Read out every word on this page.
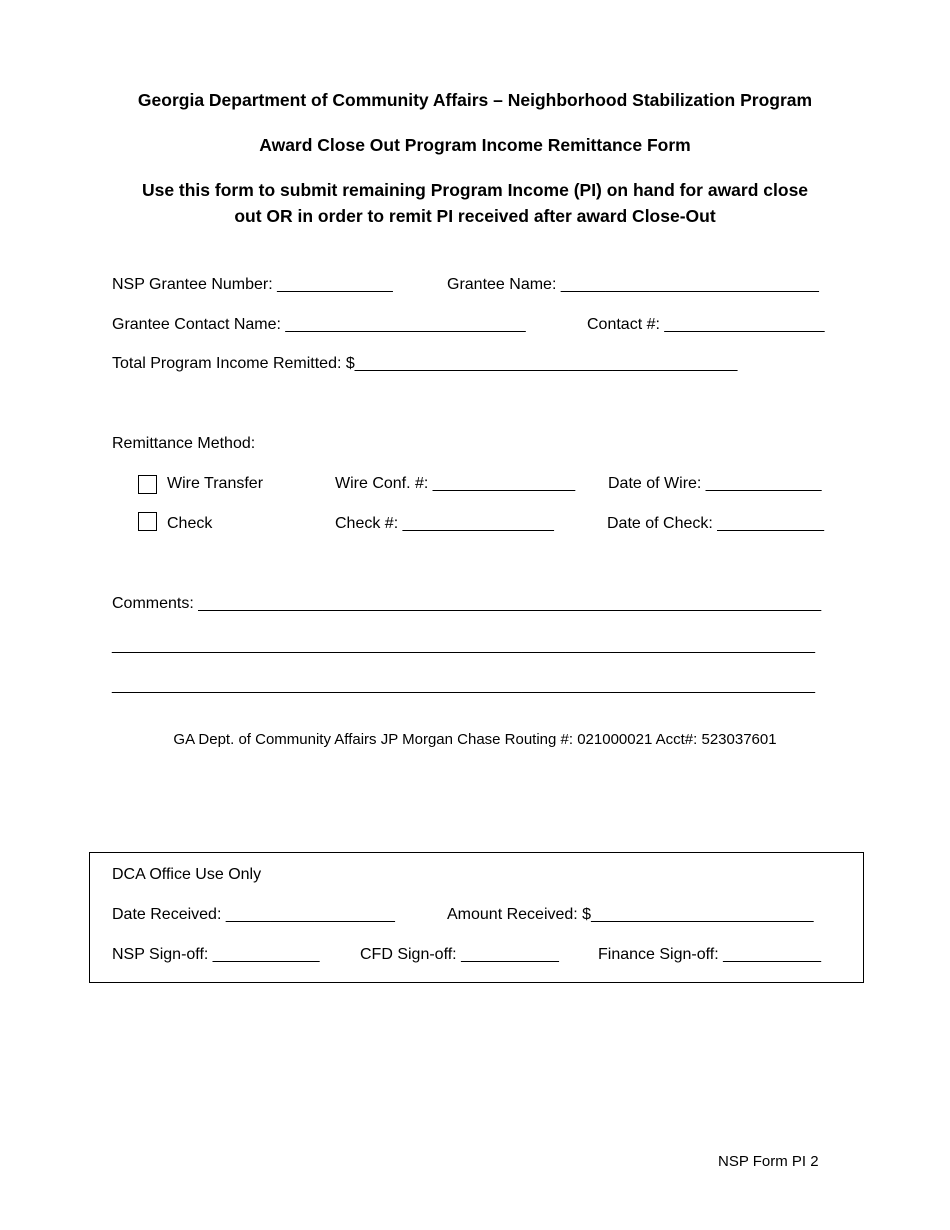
Georgia Department of Community Affairs – Neighborhood Stabilization Program
Award Close Out Program Income Remittance Form
Use this form to submit remaining Program Income (PI) on hand for award close
out OR in order to remit PI received after award Close-Out
NSP Grantee Number: _____________	Grantee Name: _____________________________
Grantee Contact Name: ___________________________	Contact #: __________________
Total Program Income Remitted: $___________________________________________
Remittance Method:
Wire Transfer	Wire Conf. #: ________________ Date of Wire: _____________
Check	Check #: _________________	Date of Check: ____________
Comments: ______________________________________________________________________
_______________________________________________________________________________
_______________________________________________________________________________
GA Dept. of Community Affairs JP Morgan Chase Routing #: 021000021 Acct#: 523037601
DCA Office Use Only
Date Received: ___________________	Amount Received: $_________________________
NSP Sign-off: ____________	CFD Sign-off: ___________ Finance Sign-off: ___________
NSP Form PI 2
